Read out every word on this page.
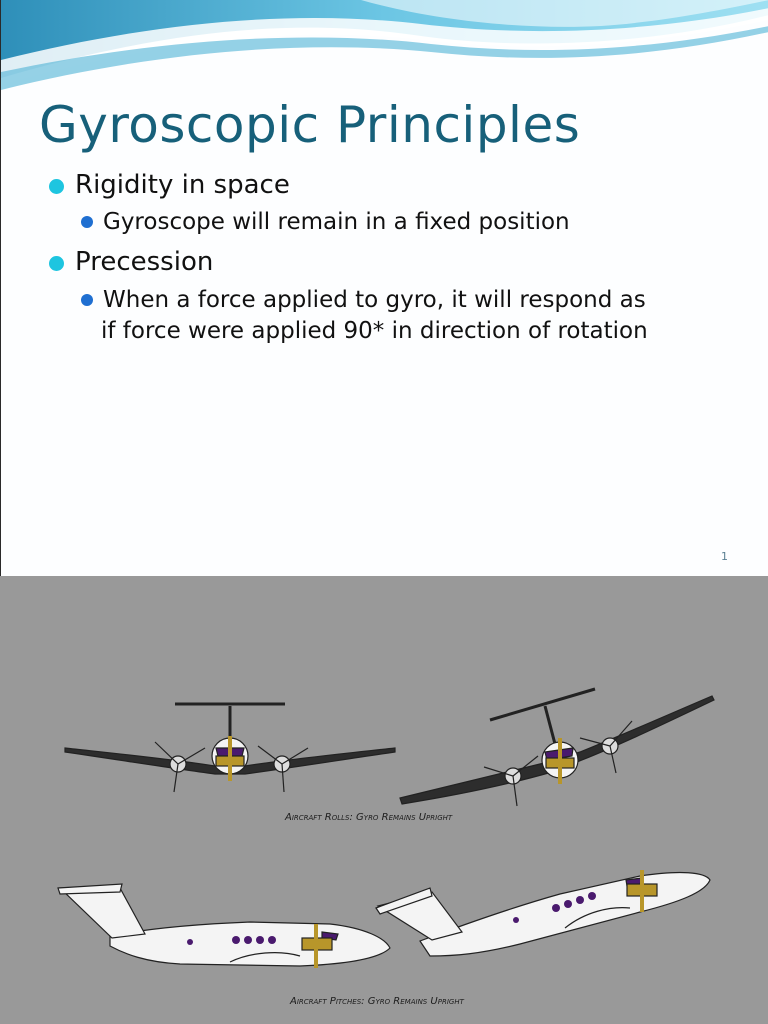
Gyroscopic Principles
Rigidity in space
Gyroscope will remain in a fixed position
Precession
When a force applied to gyro, it will respond as
if force were applied 90* in direction of rotation
1
Aircraft Rolls: Gyro Remains Upright
Aircraft Pitches: Gyro Remains Upright
